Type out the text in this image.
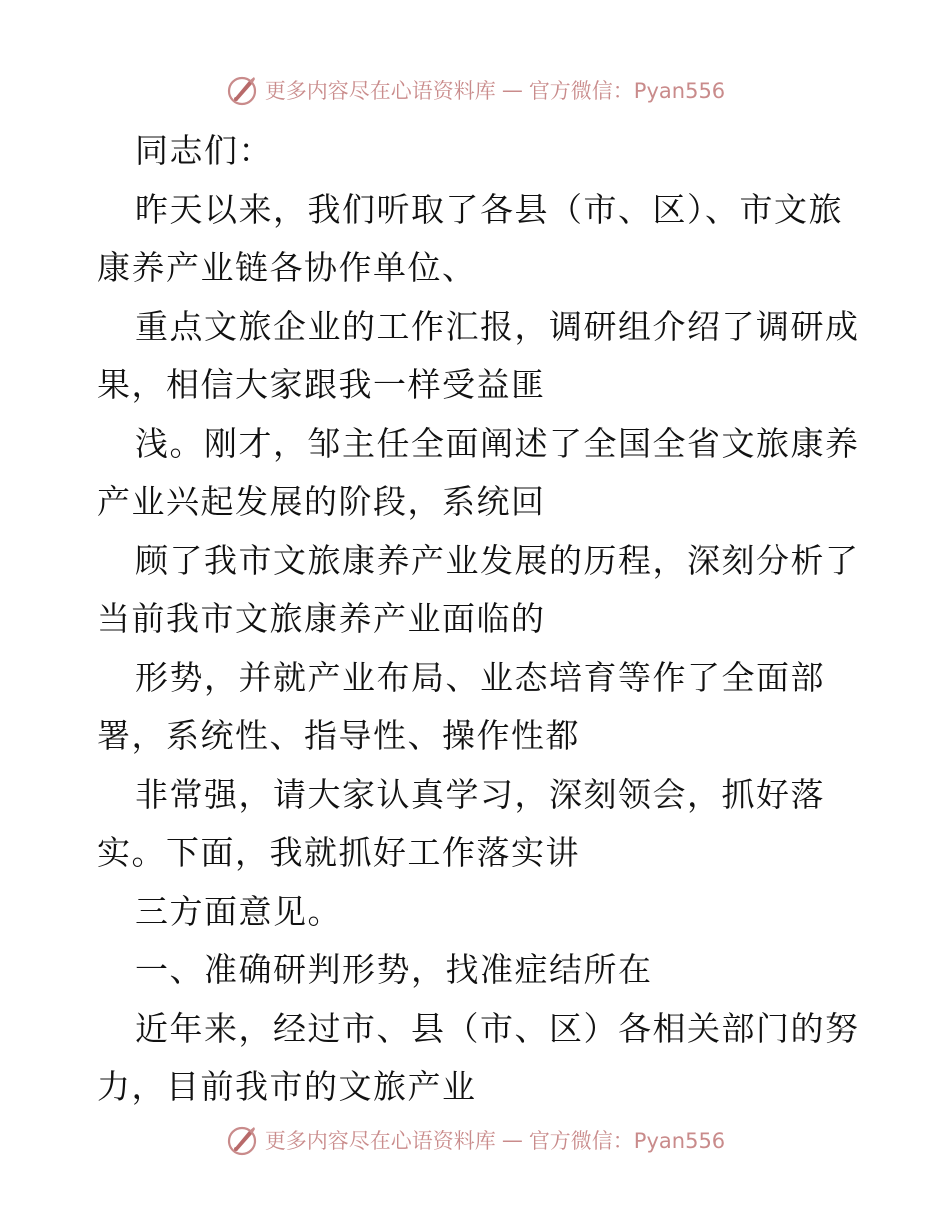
更多内容尽在心语资料库 — 官方微信：Pyan556
同志们：
昨天以来，我们听取了各县（市、区）、市文旅
康养产业链各协作单位、
重点文旅企业的工作汇报，调研组介绍了调研成
果，相信大家跟我一样受益匪
浅。刚才，邹主任全面阐述了全国全省文旅康养
产业兴起发展的阶段，系统回
顾了我市文旅康养产业发展的历程，深刻分析了
当前我市文旅康养产业面临的
形势，并就产业布局、业态培育等作了全面部
署，系统性、指导性、操作性都
非常强，请大家认真学习，深刻领会，抓好落
实。下面，我就抓好工作落实讲
三方面意见。
一、准确研判形势，找准症结所在
近年来，经过市、县（市、区）各相关部门的努
力，目前我市的文旅产业
更多内容尽在心语资料库 — 官方微信：Pyan556
